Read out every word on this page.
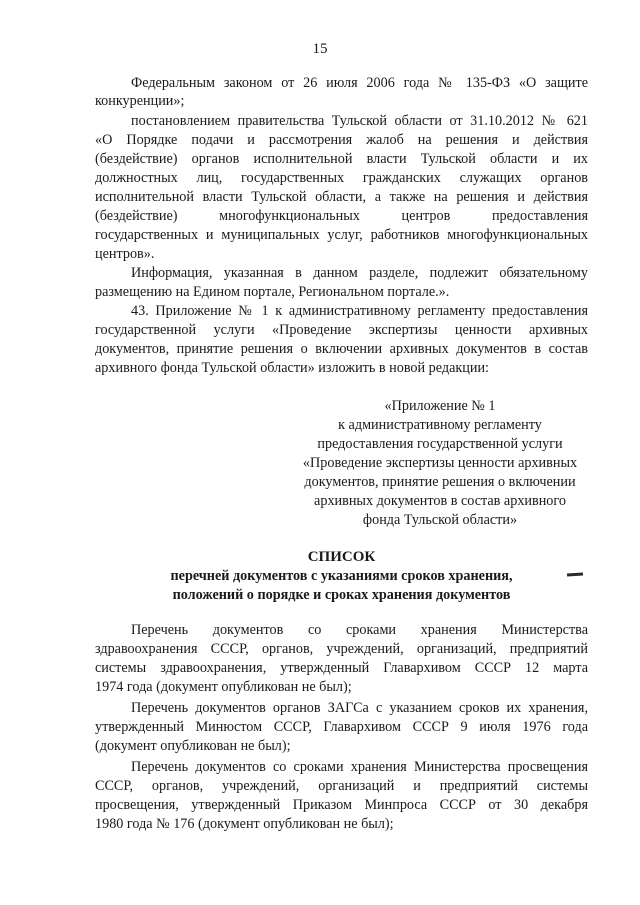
15
Федеральным законом от 26 июля 2006 года № 135-ФЗ «О защите
конкуренции»;
постановлением правительства Тульской области от 31.10.2012 № 621
«О Порядке подачи и рассмотрения жалоб на решения и действия
(бездействие) органов исполнительной власти Тульской области и их
должностных лиц, государственных гражданских служащих органов
исполнительной власти Тульской области, а также на решения и действия
(бездействие) многофункциональных центров предоставления
государственных и муниципальных услуг, работников многофункциональных
центров».
Информация, указанная в данном разделе, подлежит обязательному
размещению на Едином портале, Региональном портале.».
43. Приложение № 1 к административному регламенту предоставления
государственной услуги «Проведение экспертизы ценности архивных
документов, принятие решения о включении архивных документов в состав
архивного фонда Тульской области» изложить в новой редакции:
«Приложение № 1
к административному регламенту
предоставления государственной услуги
«Проведение экспертизы ценности архивных
документов, принятие решения о включении
архивных документов в состав архивного
фонда Тульской области»
СПИСОК
перечней документов с указаниями сроков хранения,
положений о порядке и сроках хранения документов
Перечень документов со сроками хранения Министерства
здравоохранения СССР, органов, учреждений, организаций, предприятий
системы здравоохранения, утвержденный Главархивом СССР 12 марта
1974 года (документ опубликован не был);
Перечень документов органов ЗАГСа с указанием сроков их хранения,
утвержденный Минюстом СССР, Главархивом СССР 9 июля 1976 года
(документ опубликован не был);
Перечень документов со сроками хранения Министерства просвещения
СССР, органов, учреждений, организаций и предприятий системы
просвещения, утвержденный Приказом Минпроса СССР от 30 декабря
1980 года № 176 (документ опубликован не был);
